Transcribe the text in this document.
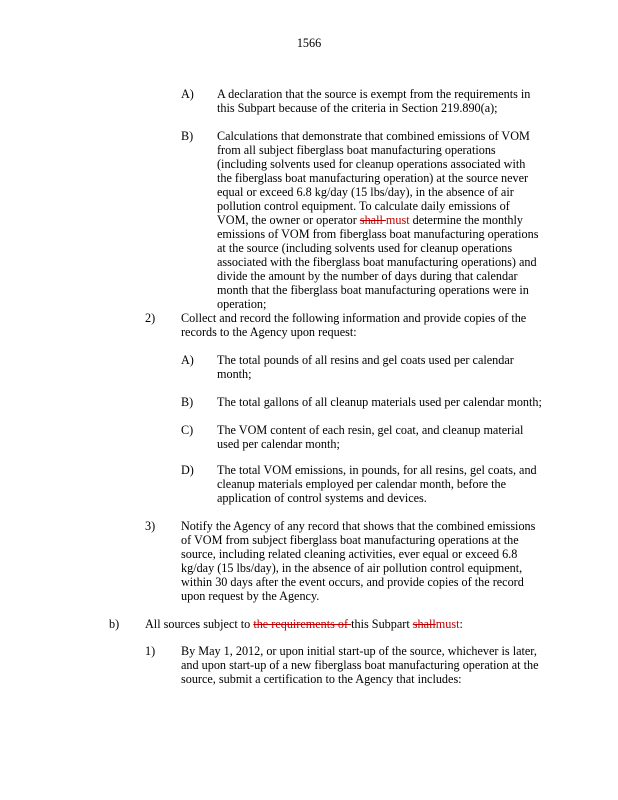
1566
A) A declaration that the source is exempt from the requirements in this Subpart because of the criteria in Section 219.890(a);
B) Calculations that demonstrate that combined emissions of VOM from all subject fiberglass boat manufacturing operations (including solvents used for cleanup operations associated with the fiberglass boat manufacturing operation) at the source never equal or exceed 6.8 kg/day (15 lbs/day), in the absence of air pollution control equipment. To calculate daily emissions of VOM, the owner or operator shall must determine the monthly emissions of VOM from fiberglass boat manufacturing operations at the source (including solvents used for cleanup operations associated with the fiberglass boat manufacturing operations) and divide the amount by the number of days during that calendar month that the fiberglass boat manufacturing operations were in operation;
2) Collect and record the following information and provide copies of the records to the Agency upon request:
A) The total pounds of all resins and gel coats used per calendar month;
B) The total gallons of all cleanup materials used per calendar month;
C) The VOM content of each resin, gel coat, and cleanup material used per calendar month;
D) The total VOM emissions, in pounds, for all resins, gel coats, and cleanup materials employed per calendar month, before the application of control systems and devices.
3) Notify the Agency of any record that shows that the combined emissions of VOM from subject fiberglass boat manufacturing operations at the source, including related cleaning activities, ever equal or exceed 6.8 kg/day (15 lbs/day), in the absence of air pollution control equipment, within 30 days after the event occurs, and provide copies of the record upon request by the Agency.
b) All sources subject to the requirements of this Subpart shallmust:
1) By May 1, 2012, or upon initial start-up of the source, whichever is later, and upon start-up of a new fiberglass boat manufacturing operation at the source, submit a certification to the Agency that includes:
